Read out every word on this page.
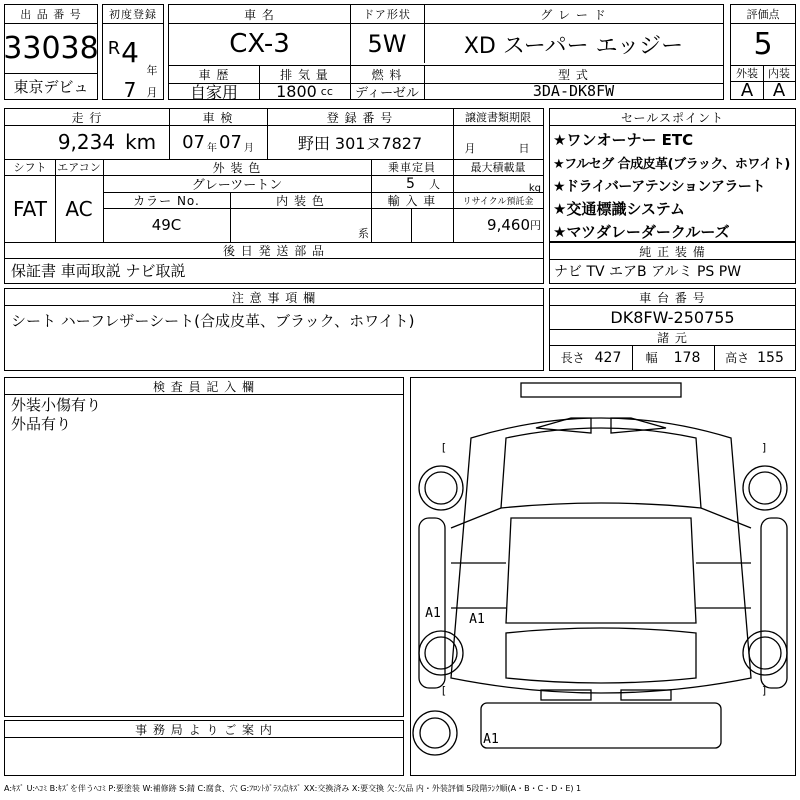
出 品 番 号
33038
東京デビュ
初度登録
R 4
年
7 月
車 名
CX-3
ドア形状
5W
グ レ ー ド
XD スーパー エッジー
車 歴
自家用
排 気 量
1800 cc
燃 料
ディーゼル
型 式
3DA-DK8FW
評価点
5
外装 内装
A	A
走 行
9,234 km
車 検
07 年 07 月
登 録 番 号
野田 301ヌ7827
譲渡書類期限
月	日
シフト
FAT
エアコン
AC
外 装 色
グレーツートン
乗車定員
5 人
最大積載量
kg
カラー No.
49C
内 装 色
系
輸 入 車	リサイクル預託金
9,460 円
後 日 発 送 部 品
保証書 車両取説 ナビ取説
セールスポイント
★ワンオーナー ETC
★フルセグ 合成皮革(ブラック、ホワイト)
★ドライバーアテンションアラート
★交通標識システム
★マツダレーダークルーズ
純 正 装 備
ナビ TV エアB アルミ PS PW
注 意 事 項 欄
シート ハーフレザーシート(合成皮革、ブラック、ホワイト)
車 台 番 号
DK8FW-250755
諸 元
長さ 427 幅 178 高さ 155
検 査 員 記 入 欄
外装小傷有り
外品有り
事 務 局 よ り ご 案 内
[	]
[	]
A1 A1
A1
A:ｷｽﾞ U:ﾍｺﾐ B:ｷｽﾞを伴うﾍｺﾐ P:要塗装 W:補修跡 S:錆 C:腐食、穴 G:ﾌﾛﾝﾄｶﾞﾗｽ点ｷｽﾞ XX:交換済み X:要交換 欠:欠品 内・外装評価 5段階ﾗﾝｸ順(A・B・C・D・E) 1
